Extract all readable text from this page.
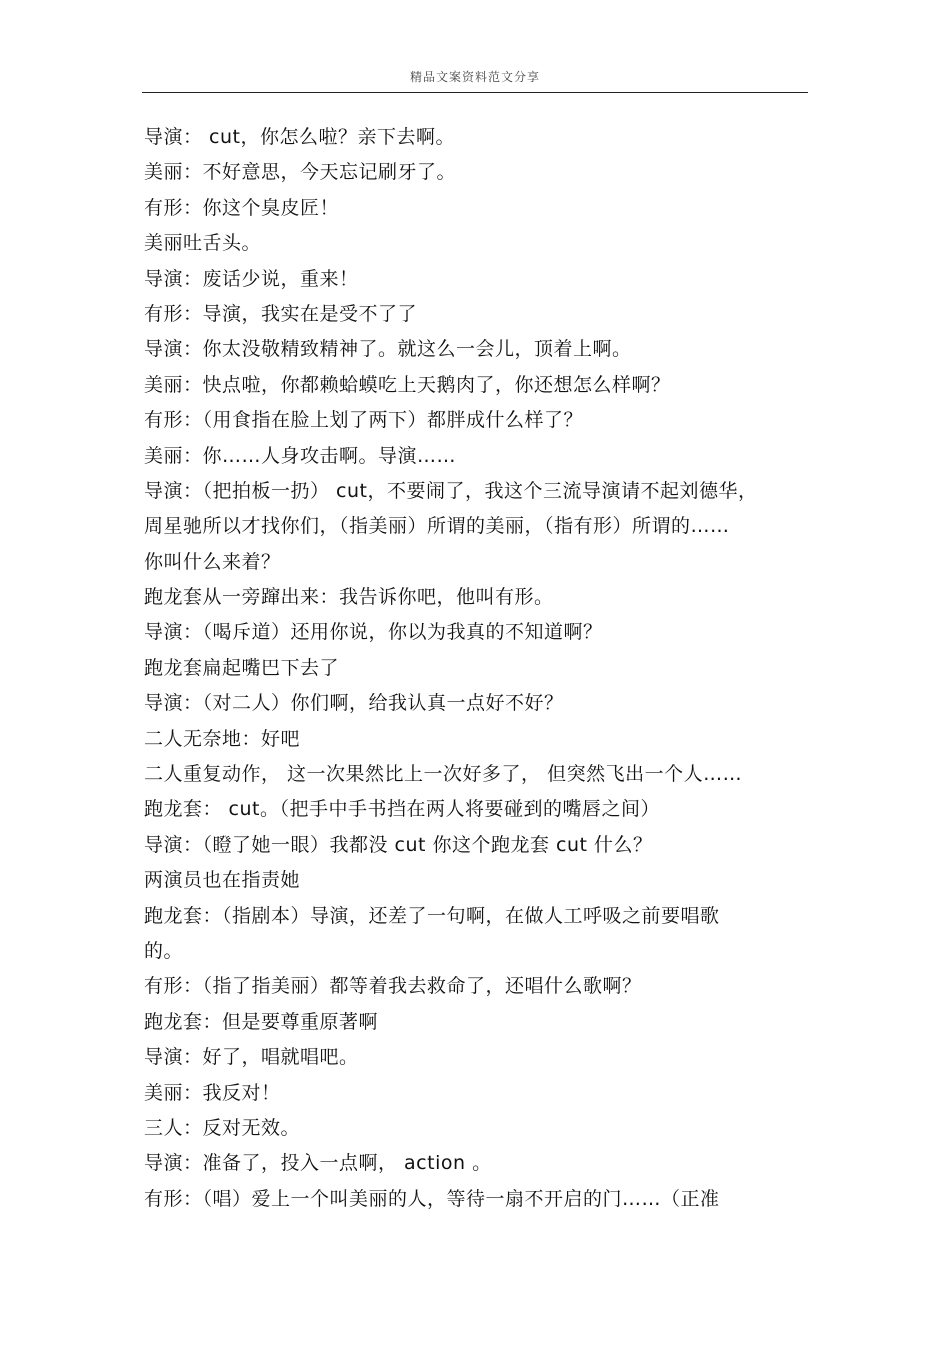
精品文案资料范文分享
导演： cut，你怎么啦？亲下去啊。
美丽：不好意思，今天忘记刷牙了。
有形：你这个臭皮匠！
美丽吐舌头。
导演：废话少说，重来！
有形：导演，我实在是受不了了
导演：你太没敬精致精神了。就这么一会儿，顶着上啊。
美丽：快点啦，你都赖蛤蟆吃上天鹅肉了，你还想怎么样啊？
有形：（用食指在脸上划了两下）都胖成什么样了？
美丽：你……人身攻击啊。导演……
导演：（把拍板一扔） cut，不要闹了，我这个三流导演请不起刘德华，
周星驰所以才找你们，（指美丽）所谓的美丽，（指有形）所谓的……
你叫什么来着？
跑龙套从一旁蹿出来：我告诉你吧，他叫有形。
导演：（喝斥道）还用你说，你以为我真的不知道啊？
跑龙套扁起嘴巴下去了
导演：（对二人）你们啊，给我认真一点好不好？
二人无奈地：好吧
二人重复动作， 这一次果然比上一次好多了， 但突然飞出一个人……
跑龙套： cut。（把手中手书挡在两人将要碰到的嘴唇之间）
导演：（瞪了她一眼）我都没 cut 你这个跑龙套 cut 什么？
两演员也在指责她
跑龙套：（指剧本）导演，还差了一句啊，在做人工呼吸之前要唱歌
的。
有形：（指了指美丽）都等着我去救命了，还唱什么歌啊？
跑龙套：但是要尊重原著啊
导演：好了，唱就唱吧。
美丽：我反对！
三人：反对无效。
导演：准备了，投入一点啊， action 。
有形：（唱）爱上一个叫美丽的人，等待一扇不开启的门……（正准
